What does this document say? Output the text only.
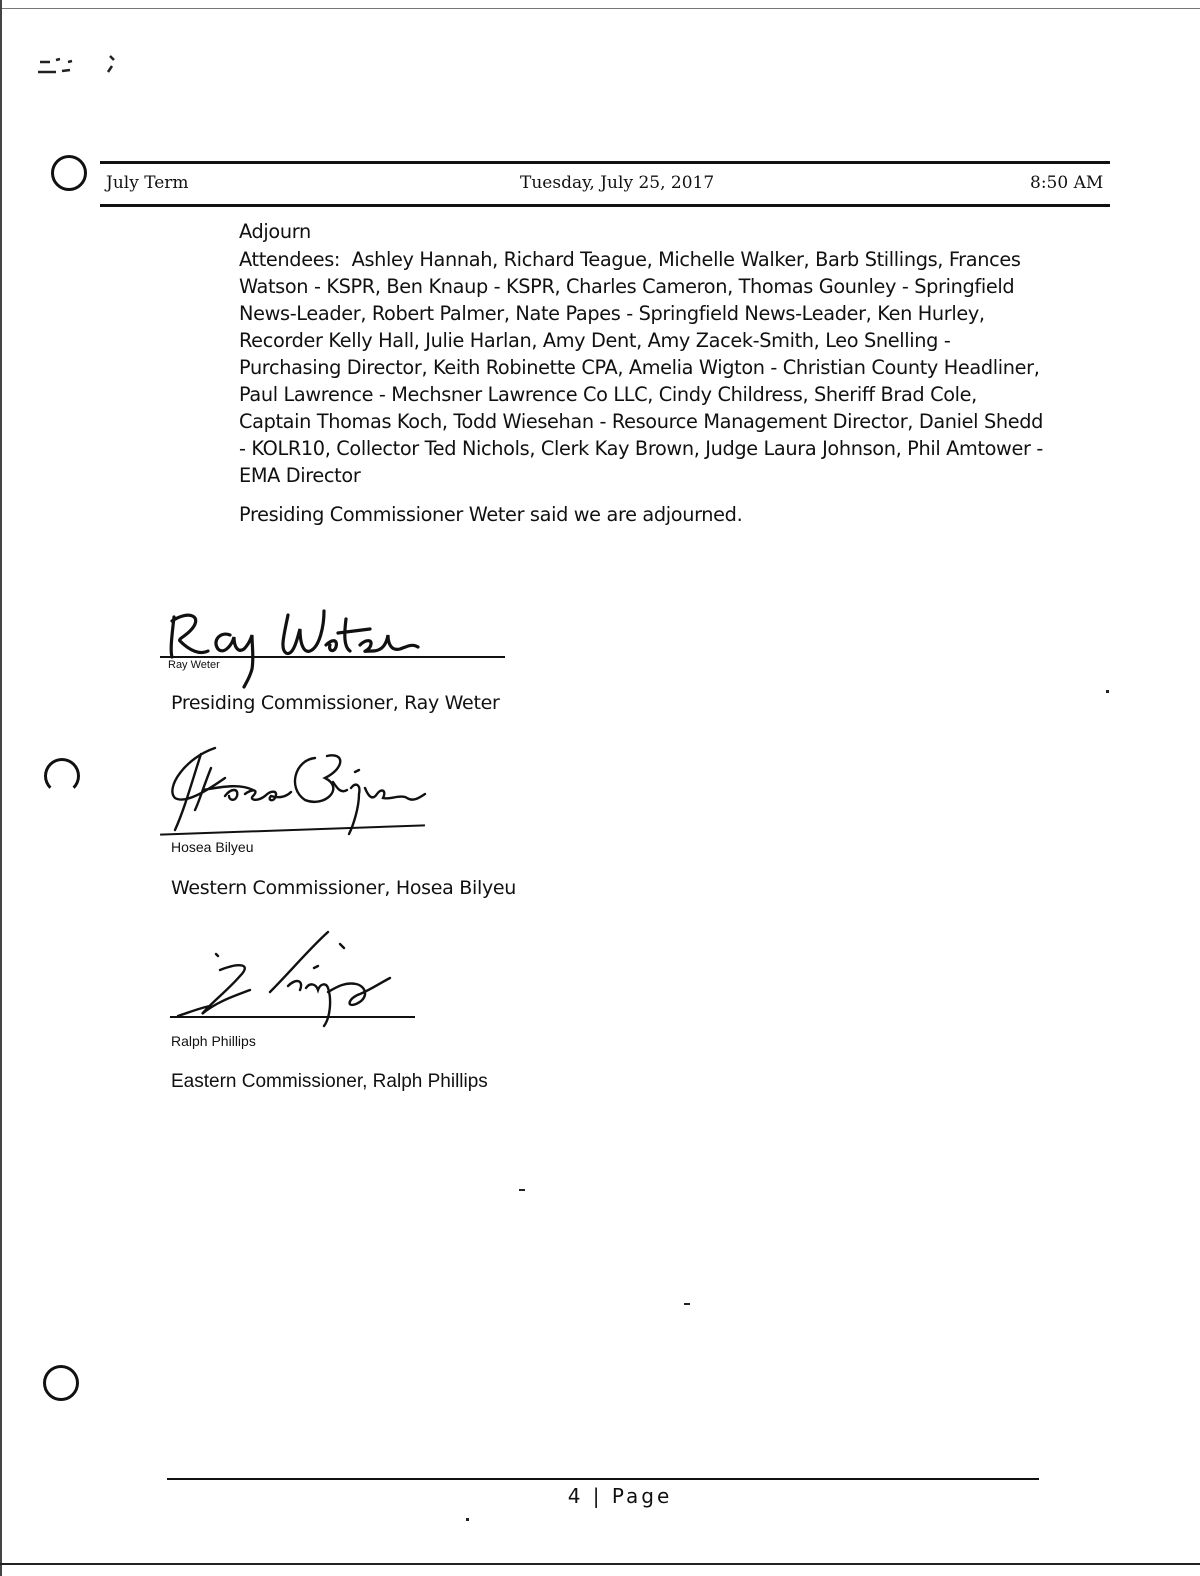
July Term	Tuesday, July 25, 2017	8:50 AM
Adjourn
Attendees: Ashley Hannah, Richard Teague, Michelle Walker, Barb Stillings, Frances Watson - KSPR, Ben Knaup - KSPR, Charles Cameron, Thomas Gounley - Springfield News-Leader, Robert Palmer, Nate Papes - Springfield News-Leader, Ken Hurley, Recorder Kelly Hall, Julie Harlan, Amy Dent, Amy Zacek-Smith, Leo Snelling - Purchasing Director, Keith Robinette CPA, Amelia Wigton - Christian County Headliner, Paul Lawrence - Mechsner Lawrence Co LLC, Cindy Childress, Sheriff Brad Cole, Captain Thomas Koch, Todd Wiesehan - Resource Management Director, Daniel Shedd - KOLR10, Collector Ted Nichols, Clerk Kay Brown, Judge Laura Johnson, Phil Amtower - EMA Director
Presiding Commissioner Weter said we are adjourned.
Ray Weter
Presiding Commissioner, Ray Weter
Hosea Bilyeu
Western Commissioner, Hosea Bilyeu
Ralph Phillips
Eastern Commissioner, Ralph Phillips
4 | Page
